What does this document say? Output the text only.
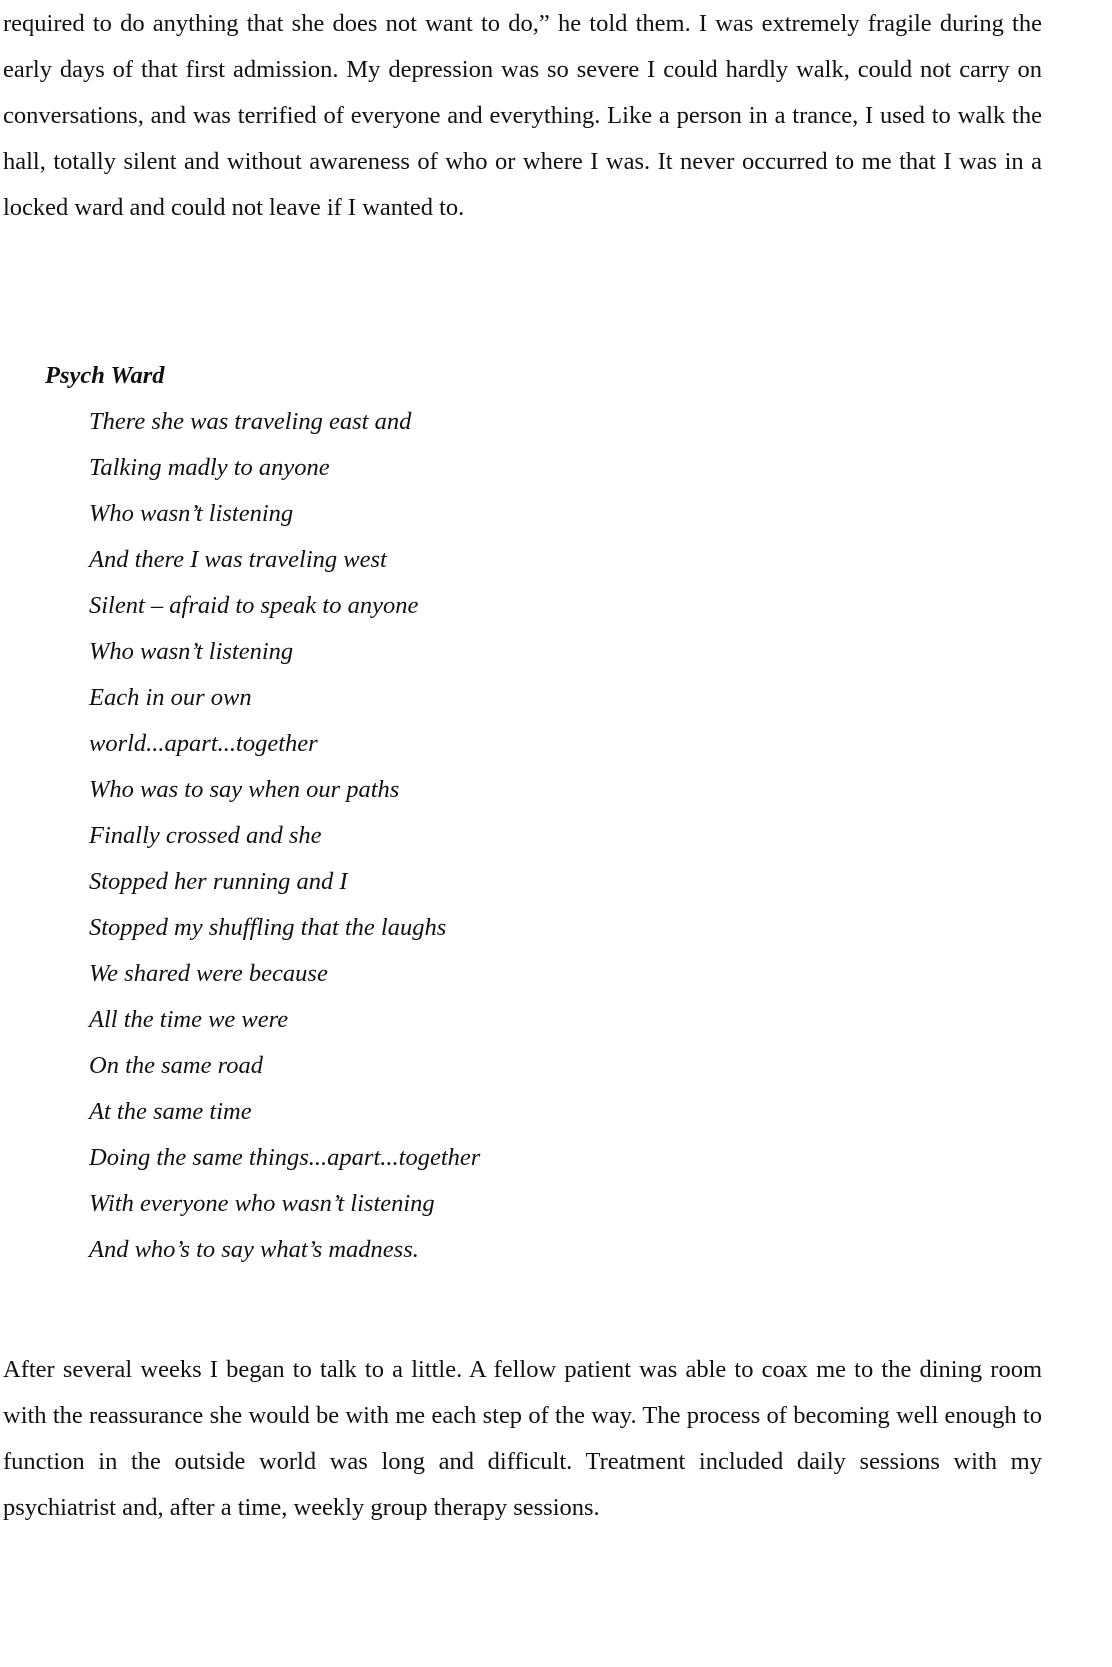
required to do anything that she does not want to do,” he told them. I was extremely fragile during the early days of that first admission. My depression was so severe I could hardly walk, could not carry on conversations, and was terrified of everyone and everything. Like a person in a trance, I used to walk the hall, totally silent and without awareness of who or where I was. It never occurred to me that I was in a locked ward and could not leave if I wanted to.

Psych Ward

There she was traveling east and
Talking madly to anyone
Who wasn’t listening
And there I was traveling west
Silent – afraid to speak to anyone
Who wasn’t listening
Each in our own
world...apart...together
Who was to say when our paths
Finally crossed and she
Stopped her running and I
Stopped my shuffling that the laughs
We shared were because
All the time we were
On the same road
At the same time
Doing the same things...apart...together
With everyone who wasn’t listening
And who’s to say what’s madness.

After several weeks I began to talk to a little. A fellow patient was able to coax me to the dining room with the reassurance she would be with me each step of the way. The process of becoming well enough to function in the outside world was long and difficult. Treatment included daily sessions with my psychiatrist and, after a time, weekly group therapy sessions.
